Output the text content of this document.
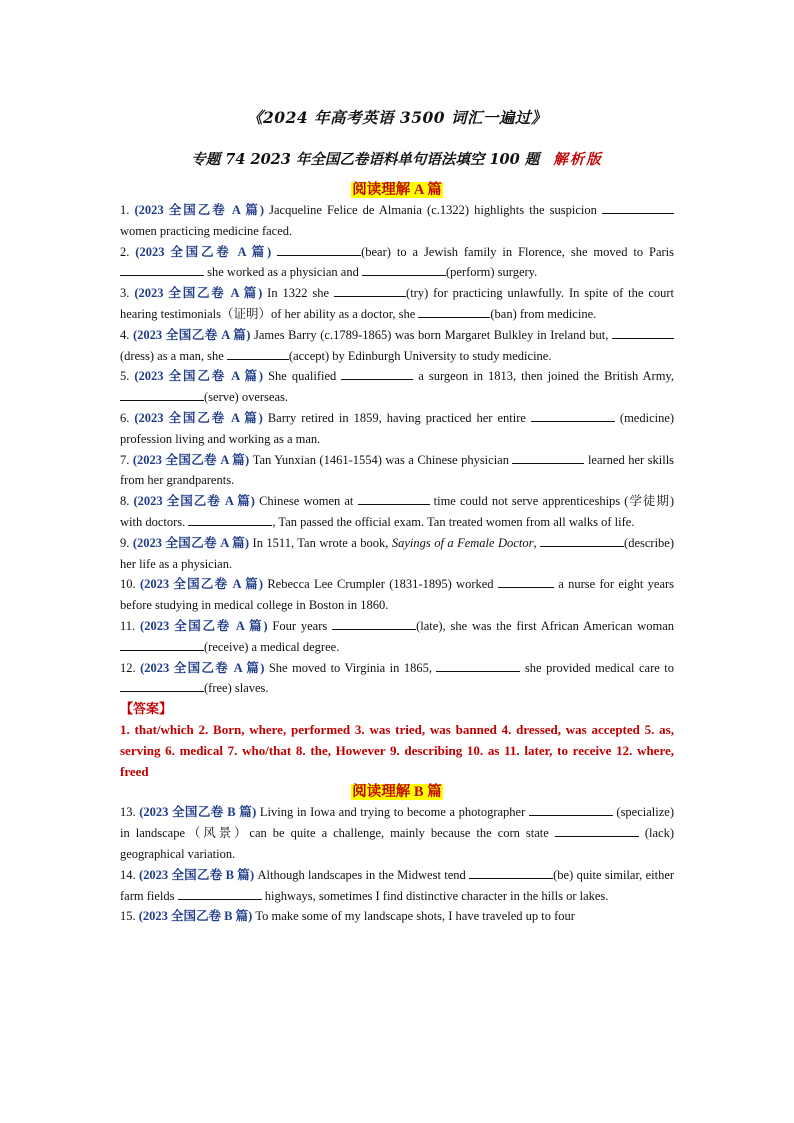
《2024 年高考英语 3500 词汇一遍过》
专题 74 2023 年全国乙卷语料单句语法填空 100 题 解析版

阅读理解 A 篇

1. (2023 全国乙卷 A 篇) Jacqueline Felice de Almania (c.1322) highlights the suspicion  women practicing medicine faced.

2. (2023 全国乙卷 A 篇)	(bear) to a Jewish family in Florence, she moved to Paris  she worked as a physician and	(perform) surgery.

3. (2023 全国乙卷 A 篇) In 1322 she	(try) for practicing unlawfully. In spite of the court hearing testimonials（证明）of her ability as a doctor, she	(ban) from medicine.

4. (2023 全国乙卷 A 篇) James Barry (c.1789-1865) was born Margaret Bulkley in Ireland but, (dress) as a man, she	(accept) by Edinburgh University to study medicine.

5. (2023 全国乙卷 A 篇) She qualified	a surgeon in 1813, then joined the British Army, (serve) overseas.

6. (2023 全国乙卷 A 篇) Barry retired in 1859, having practiced her entire	(medicine) profession living and working as a man.

7. (2023 全国乙卷 A 篇) Tan Yunxian (1461-1554) was a Chinese physician	learned her skills from her grandparents.

8. (2023 全国乙卷 A 篇) Chinese women at	time could not serve apprenticeships (学徒期) with doctors.	, Tan passed the official exam. Tan treated women from all walks of life.

9. (2023 全国乙卷 A 篇) In 1511, Tan wrote a book, Sayings of a Female Doctor,	(describe) her life as a physician.

10. (2023 全国乙卷 A 篇) Rebecca Lee Crumpler (1831-1895) worked	a nurse for eight years before studying in medical college in Boston in 1860.

11. (2023 全国乙卷 A 篇) Four years	(late), she was the first African American woman (receive) a medical degree.

12. (2023 全国乙卷 A 篇) She moved to Virginia in 1865,	she provided medical care to (free) slaves.

【答案】

1. that/which 2. Born, where, performed 3. was tried, was banned 4. dressed, was accepted 5. as, serving 6. medical 7. who/that 8. the, However 9. describing 10. as 11. later, to receive 12. where, freed

阅读理解 B 篇

13. (2023 全国乙卷 B 篇) Living in Iowa and trying to become a photographer	(specialize) in landscape（风景）can be quite a challenge, mainly because the corn state	(lack) geographical variation.

14. (2023 全国乙卷 B 篇) Although landscapes in the Midwest tend	(be) quite similar, either farm fields	highways, sometimes I find distinctive character in the hills or lakes.

15. (2023 全国乙卷 B 篇) To make some of my landscape shots, I have traveled up to four
